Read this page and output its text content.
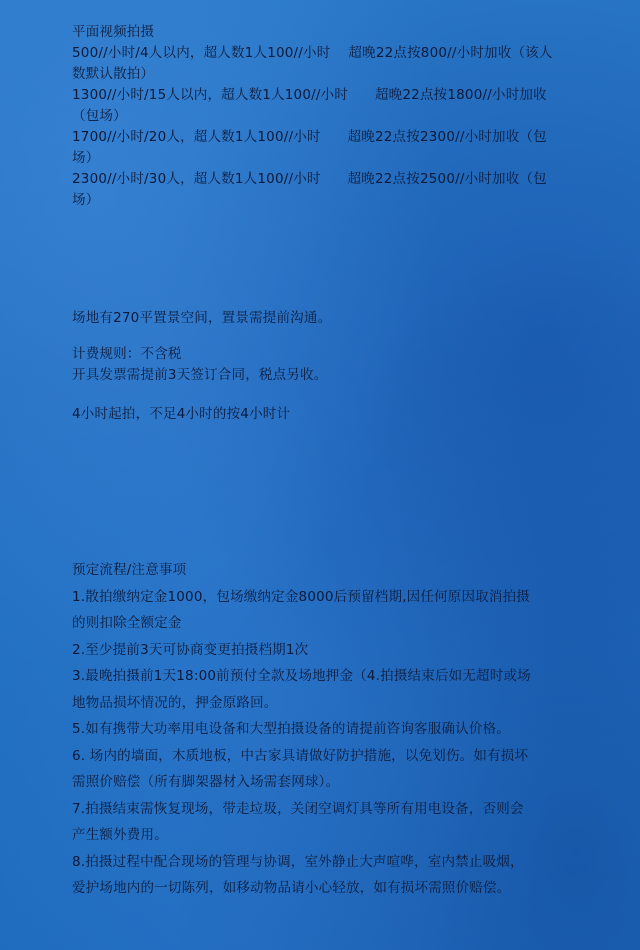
平面视频拍摄
500//小时/4人以内，超人数1人100//小时    超晚22点按800//小时加收（该人
数默认散拍）
1300//小时/15人以内，超人数1人100//小时      超晚22点按1800//小时加收
（包场）
1700//小时/20人，超人数1人100//小时      超晚22点按2300//小时加收（包
场）
2300//小时/30人，超人数1人100//小时      超晚22点按2500//小时加收（包
场）
场地有270平置景空间，置景需提前沟通。
计费规则：不含税
开具发票需提前3天签订合同，税点另收。
4小时起拍，不足4小时的按4小时计
预定流程/注意事项
1.散拍缴纳定金1000，包场缴纳定金8000后预留档期,因任何原因取消拍摄
的则扣除全额定金
2.至少提前3天可协商变更拍摄档期1次
3.最晚拍摄前1天18:00前预付全款及场地押金（4.拍摄结束后如无超时或场
地物品损坏情况的，押金原路回。
5.如有携带大功率用电设备和大型拍摄设备的请提前咨询客服确认价格。
6. 场内的墙面，木质地板，中古家具请做好防护措施，以免划伤。如有损坏
需照价赔偿（所有脚架器材入场需套网球）。
7.拍摄结束需恢复现场，带走垃圾，关闭空调灯具等所有用电设备，否则会
产生额外费用。
8.拍摄过程中配合现场的管理与协调，室外静止大声喧哗，室内禁止吸烟，
爱护场地内的一切陈列，如移动物品请小心轻放，如有损坏需照价赔偿。
